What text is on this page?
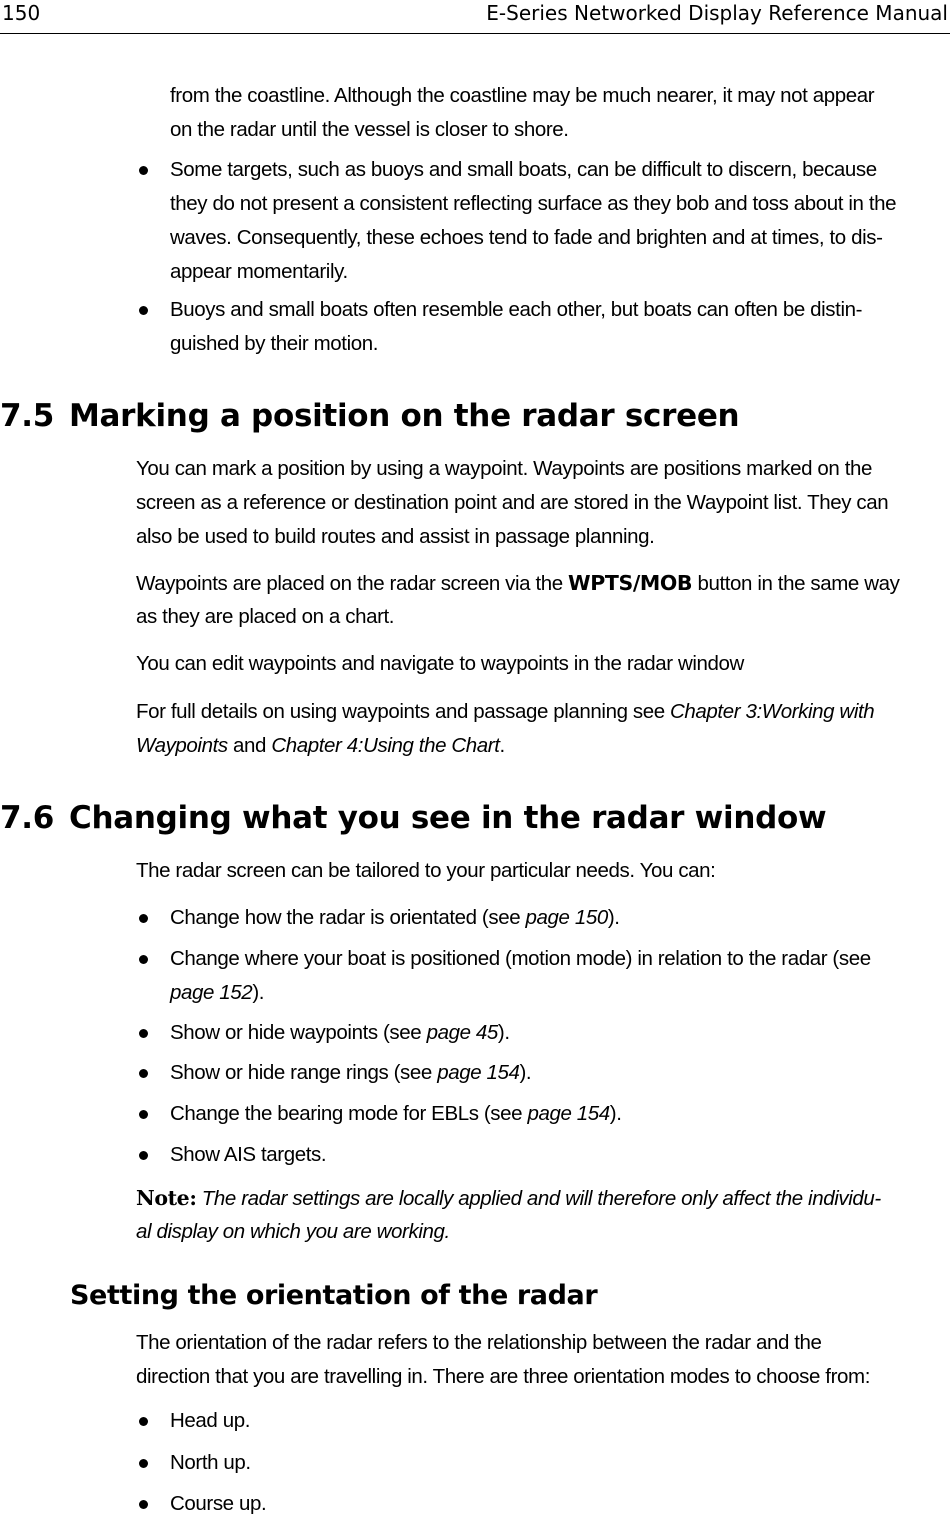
150	E-Series Networked Display Reference Manual

from the coastline. Although the coastline may be much nearer, it may not appear

on the radar until the vessel is closer to shore.

Some targets, such as buoys and small boats, can be difficult to discern, because

they do not present a consistent reflecting surface as they bob and toss about in the

waves. Consequently, these echoes tend to fade and brighten and at times, to dis-

appear momentarily.

Buoys and small boats often resemble each other, but boats can often be distin-

guished by their motion.

7.5 Marking a position on the radar screen

You can mark a position by using a waypoint. Waypoints are positions marked on the

screen as a reference or destination point and are stored in the Waypoint list. They can

also be used to build routes and assist in passage planning.

Waypoints are placed on the radar screen via the WPTS/MOB button in the same way

as they are placed on a chart.

You can edit waypoints and navigate to waypoints in the radar window

For full details on using waypoints and passage planning see Chapter 3:Working with

Waypoints and Chapter 4:Using the Chart.

7.6 Changing what you see in the radar window

The radar screen can be tailored to your particular needs. You can:

Change how the radar is orientated (see page 150).

Change where your boat is positioned (motion mode) in relation to the radar (see

page 152).

Show or hide waypoints (see page 45).

Show or hide range rings (see page 154).

Change the bearing mode for EBLs (see page 154).

Show AIS targets.

Note: The radar settings are locally applied and will therefore only affect the individu-

al display on which you are working.

Setting the orientation of the radar

The orientation of the radar refers to the relationship between the radar and the

direction that you are travelling in. There are three orientation modes to choose from:

Head up.

North up.

Course up.
